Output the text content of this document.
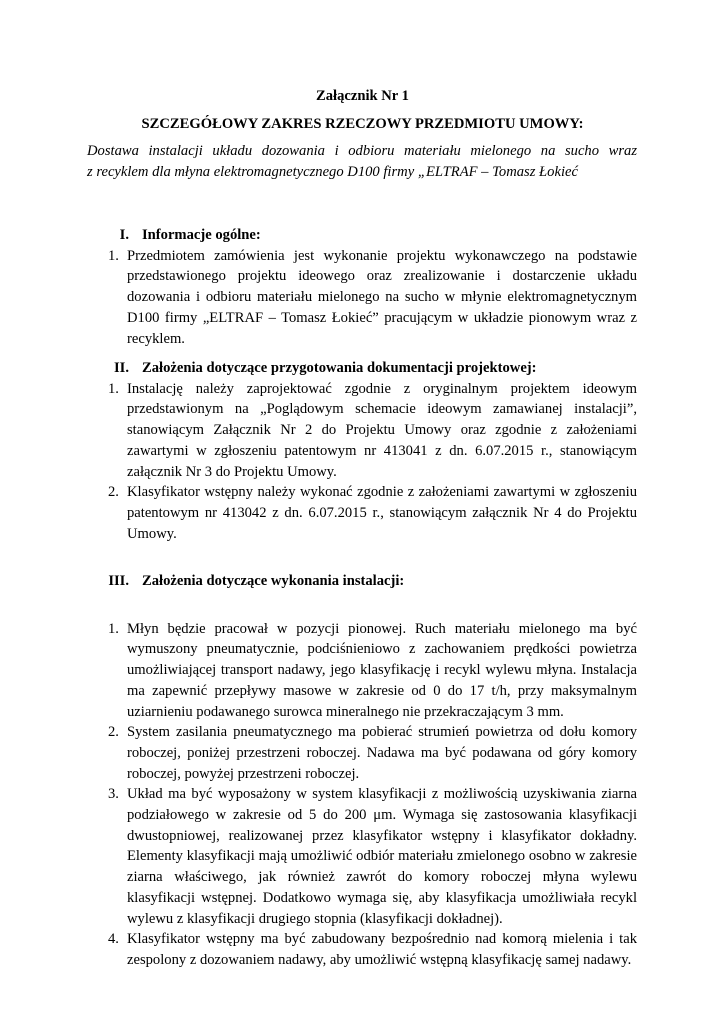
Załącznik Nr 1
SZCZEGÓŁOWY ZAKRES RZECZOWY PRZEDMIOTU UMOWY:

Dostawa instalacji układu dozowania i odbioru materiału mielonego na sucho wraz

z recyklem dla młyna elektromagnetycznego D100 firmy „ELTRAF – Tomasz Łokieć

I. Informacje ogólne:
1. Przedmiotem zamówienia jest wykonanie projektu wykonawczego na podstawie przedstawionego projektu ideowego oraz zrealizowanie i dostarczenie układu dozowania i odbioru materiału mielonego na sucho w młynie elektromagnetycznym D100 firmy „ELTRAF – Tomasz Łokieć” pracującym w układzie pionowym wraz z recyklem.
II. Założenia dotyczące przygotowania dokumentacji projektowej:
1. Instalację należy zaprojektować zgodnie z oryginalnym projektem ideowym przedstawionym na „Poglądowym schemacie ideowym zamawianej instalacji”, stanowiącym Załącznik Nr 2 do Projektu Umowy oraz zgodnie z założeniami zawartymi w zgłoszeniu patentowym nr 413041 z dn. 6.07.2015 r., stanowiącym załącznik Nr 3 do Projektu Umowy.
2. Klasyfikator wstępny należy wykonać zgodnie z założeniami zawartymi w zgłoszeniu patentowym nr 413042 z dn. 6.07.2015 r., stanowiącym załącznik Nr 4 do Projektu Umowy.
III. Założenia dotyczące wykonania instalacji:
1. Młyn będzie pracował w pozycji pionowej. Ruch materiału mielonego ma być wymuszony pneumatycznie, podciśnieniowo z zachowaniem prędkości powietrza umożliwiającej transport nadawy, jego klasyfikację i recykl wylewu młyna. Instalacja ma zapewnić przepływy masowe w zakresie od 0 do 17 t/h, przy maksymalnym uziarnieniu podawanego surowca mineralnego nie przekraczającym 3 mm.
2. System zasilania pneumatycznego ma pobierać strumień powietrza od dołu komory roboczej, poniżej przestrzeni roboczej. Nadawa ma być podawana od góry komory roboczej, powyżej przestrzeni roboczej.
3. Układ ma być wyposażony w system klasyfikacji z możliwością uzyskiwania ziarna podziałowego w zakresie od 5 do 200 μm. Wymaga się zastosowania klasyfikacji dwustopniowej, realizowanej przez klasyfikator wstępny i klasyfikator dokładny. Elementy klasyfikacji mają umożliwić odbiór materiału zmielonego osobno w zakresie ziarna właściwego, jak również zawrót do komory roboczej młyna wylewu klasyfikacji wstępnej. Dodatkowo wymaga się, aby klasyfikacja umożliwiała recykl wylewu z klasyfikacji drugiego stopnia (klasyfikacji dokładnej).
4. Klasyfikator wstępny ma być zabudowany bezpośrednio nad komorą mielenia i tak zespolony z dozowaniem nadawy, aby umożliwić wstępną klasyfikację samej nadawy.
